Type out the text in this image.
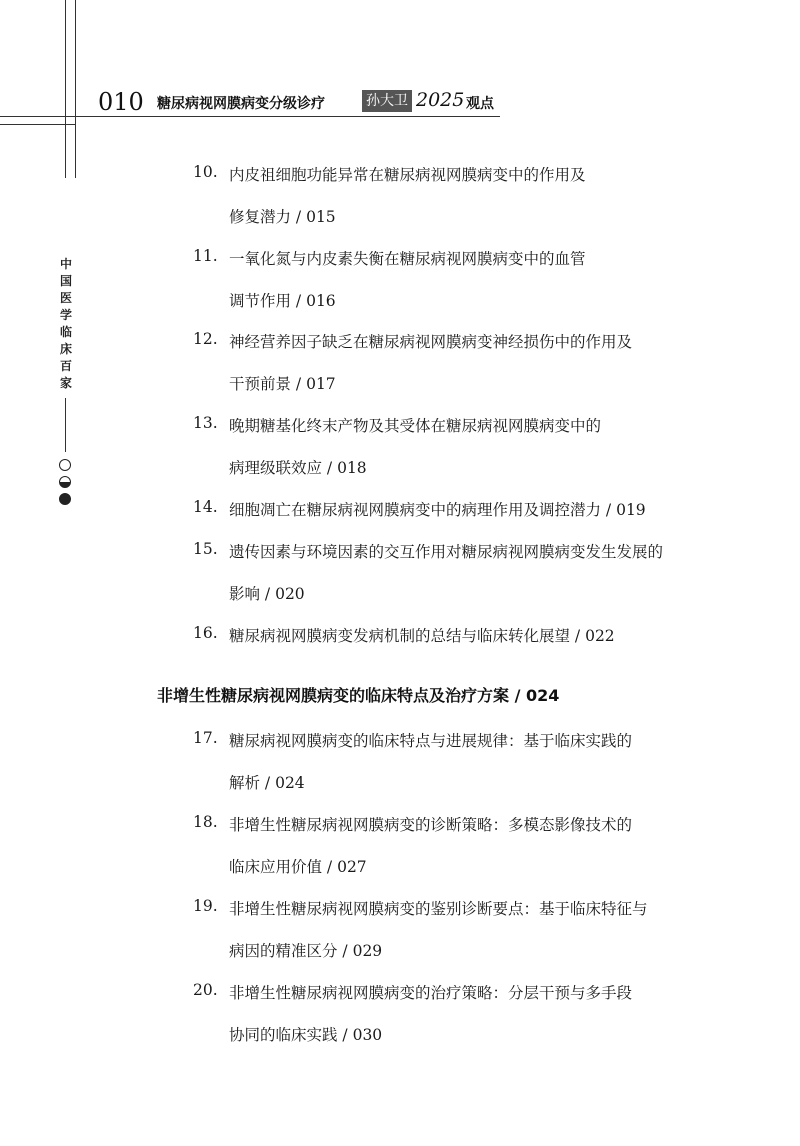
010 糖尿病视网膜病变分级诊疗	孙大卫 2025 观点
中国医学临床百家
10. 内皮祖细胞功能异常在糖尿病视网膜病变中的作用及
修复潜力 / 015
11. 一氧化氮与内皮素失衡在糖尿病视网膜病变中的血管
调节作用 / 016
12. 神经营养因子缺乏在糖尿病视网膜病变神经损伤中的作用及
干预前景 / 017
13. 晚期糖基化终末产物及其受体在糖尿病视网膜病变中的
病理级联效应 / 018
14. 细胞凋亡在糖尿病视网膜病变中的病理作用及调控潜力 / 019
15. 遗传因素与环境因素的交互作用对糖尿病视网膜病变发生发展的
影响 / 020
16. 糖尿病视网膜病变发病机制的总结与临床转化展望 / 022
非增生性糖尿病视网膜病变的临床特点及治疗方案 / 024
17. 糖尿病视网膜病变的临床特点与进展规律：基于临床实践的
解析 / 024
18. 非增生性糖尿病视网膜病变的诊断策略：多模态影像技术的
临床应用价值 / 027
19. 非增生性糖尿病视网膜病变的鉴别诊断要点：基于临床特征与
病因的精准区分 / 029
20. 非增生性糖尿病视网膜病变的治疗策略：分层干预与多手段
协同的临床实践 / 030
